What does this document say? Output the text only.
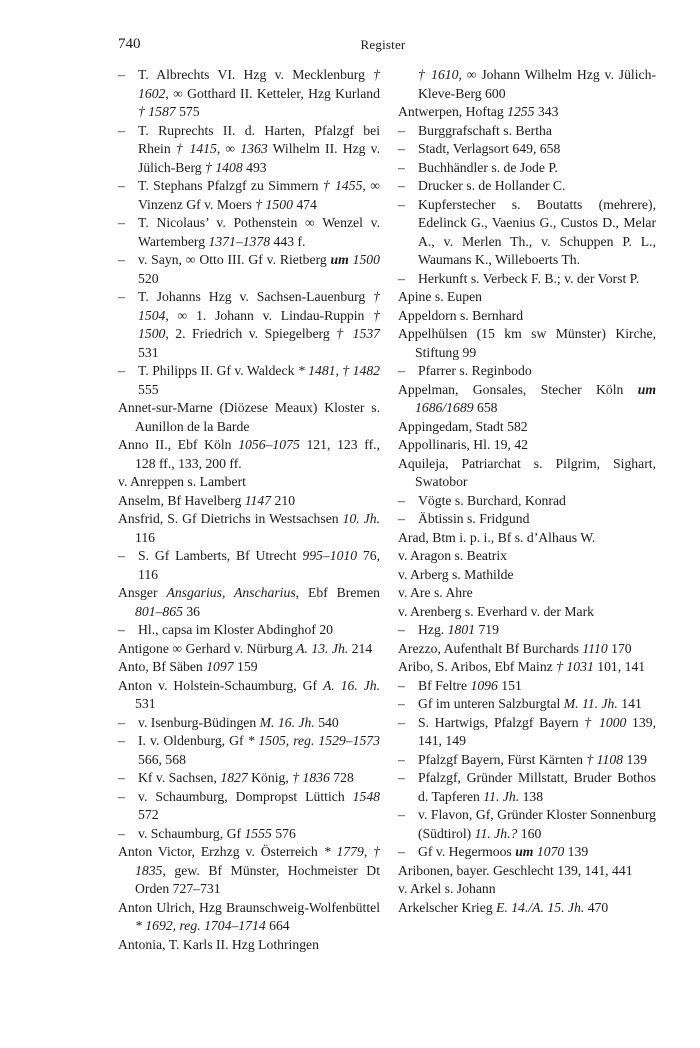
740	Register
– T. Albrechts VI. Hzg v. Mecklenburg † 1602, ∞ Gotthard II. Ketteler, Hzg Kurland † 1587 575
– T. Ruprechts II. d. Harten, Pfalzgf bei Rhein † 1415, ∞ 1363 Wilhelm II. Hzg v. Jülich-Berg † 1408 493
– T. Stephans Pfalzgf zu Simmern † 1455, ∞ Vinzenz Gf v. Moers † 1500 474
– T. Nicolaus’ v. Pothenstein ∞ Wenzel v. Wartemberg 1371–1378 443 f.
– v. Sayn, ∞ Otto III. Gf v. Rietberg um 1500 520
– T. Johanns Hzg v. Sachsen-Lauenburg † 1504, ∞ 1. Johann v. Lindau-Ruppin † 1500, 2. Friedrich v. Spiegelberg † 1537 531
– T. Philipps II. Gf v. Waldeck * 1481, † 1482 555
Annet-sur-Marne (Diözese Meaux) Kloster s. Aunillon de la Barde
Anno II., Ebf Köln 1056–1075 121, 123 ff., 128 ff., 133, 200 ff.
v. Anreppen s. Lambert
Anselm, Bf Havelberg 1147 210
Ansfrid, S. Gf Dietrichs in Westsachsen 10. Jh. 116
– S. Gf Lamberts, Bf Utrecht 995–1010 76, 116
Ansger Ansgarius, Anscharius, Ebf Bremen 801–865 36
– Hl., capsa im Kloster Abdinghof 20
Antigone ∞ Gerhard v. Nürburg A. 13. Jh. 214
Anto, Bf Säben 1097 159
Anton v. Holstein-Schaumburg, Gf A. 16. Jh. 531
– v. Isenburg-Büdingen M. 16. Jh. 540
– I. v. Oldenburg, Gf * 1505, reg. 1529–1573 566, 568
– Kf v. Sachsen, 1827 König, † 1836 728
– v. Schaumburg, Dompropst Lüttich 1548 572
– v. Schaumburg, Gf 1555 576
Anton Victor, Erzhzg v. Österreich * 1779, † 1835, gew. Bf Münster, Hochmeister Dt Orden 727–731
Anton Ulrich, Hzg Braunschweig-Wolfenbüttel * 1692, reg. 1704–1714 664
Antonia, T. Karls II. Hzg Lothringen
† 1610, ∞ Johann Wilhelm Hzg v. Jülich-Kleve-Berg 600
Antwerpen, Hoftag 1255 343
– Burggrafschaft s. Bertha
– Stadt, Verlagsort 649, 658
– Buchhändler s. de Jode P.
– Drucker s. de Hollander C.
– Kupferstecher s. Boutatts (mehrere), Edelinck G., Vaenius G., Custos D., Melar A., v. Merlen Th., v. Schuppen P. L., Waumans K., Willeboerts Th.
– Herkunft s. Verbeck F. B.; v. der Vorst P.
Apine s. Eupen
Appeldorn s. Bernhard
Appelhülsen (15 km sw Münster) Kirche, Stiftung 99
– Pfarrer s. Reginbodo
Appelman, Gonsales, Stecher Köln um 1686/1689 658
Appingedam, Stadt 582
Appollinaris, Hl. 19, 42
Aquileja, Patriarchat s. Pilgrim, Sighart, Swatobor
– Vögte s. Burchard, Konrad
– Äbtissin s. Fridgund
Arad, Btm i. p. i., Bf s. d’Alhaus W.
v. Aragon s. Beatrix
v. Arberg s. Mathilde
v. Are s. Ahre
v. Arenberg s. Everhard v. der Mark
– Hzg. 1801 719
Arezzo, Aufenthalt Bf Burchards 1110 170
Aribo, S. Aribos, Ebf Mainz † 1031 101, 141
– Bf Feltre 1096 151
– Gf im unteren Salzburgtal M. 11. Jh. 141
– S. Hartwigs, Pfalzgf Bayern † 1000 139, 141, 149
– Pfalzgf Bayern, Fürst Kärnten † 1108 139
– Pfalzgf, Gründer Millstatt, Bruder Bothos d. Tapferen 11. Jh. 138
– v. Flavon, Gf, Gründer Kloster Sonnenburg (Südtirol) 11. Jh.? 160
– Gf v. Hegermoos um 1070 139
Aribonen, bayer. Geschlecht 139, 141, 441
v. Arkel s. Johann
Arkelscher Krieg E. 14./A. 15. Jh. 470
